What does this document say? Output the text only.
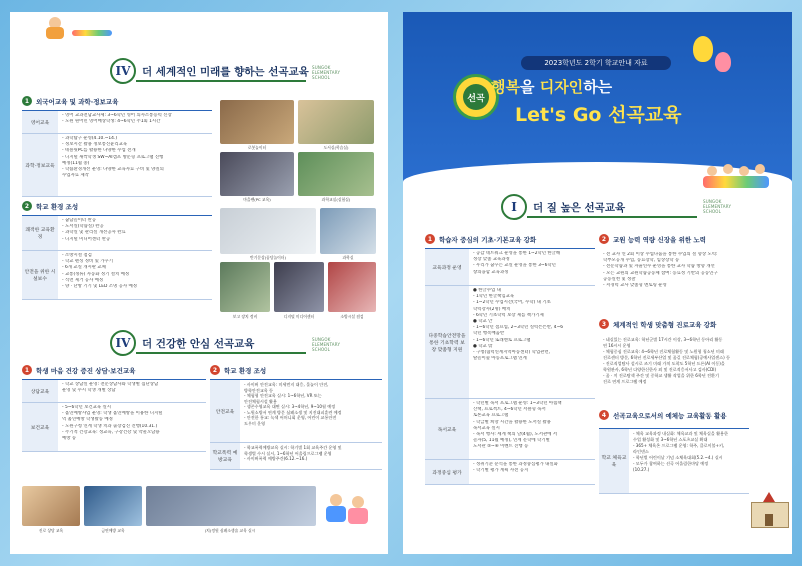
IV	더 세계적인 미래를 향하는 선곡교육 SUNGOK ELEMENTARY SCHOOL
1	외국어교육 및 과학·정보교육
영어교육
- 영어 교과전담교사제: 3~6학년 영어 의사소통능력 신장
- 노원 원어민 영어배상학생: 4~6학년 주1회 1시간
과학·정보교육
- 과학탐구 운영(4.10.~14.)
- 정보시간 활용 정보통신윤리교육
- 테블릿PC를 활용한 다양한 수업 전개
- 디지털 새싹학생 SW~AI캠프 방문형 프로그램 진행
예정(11월 중)
- 학습환경개선 운영: 다양한 교육자료 구비 및 양질의
수업자료 제작
로봇놀이터	도서실(학습실)
마을펜(PC 교육)	과학교실(실험실)
2	학교 환경 조성
쾌적한 교육환경
- 꿈담놀이터 완공
- 도서실(학습실) 완공
- 과학실 및 관리실 개선공사 완료
- 디지털 미디어센터 완공
안전을 위한 시설보수
- 소방시설 점검
- 학교 펜싱 정비 및 가꾸기
- 6개 교실 개시판 교체
- 교통(정류) 자동화 정기 설치 예정
- 석면 제거 공사 예정
- 양 · 난방 기기 및 LED 조명 공사 예정
반기문상(꿈담놀이터)	과학실
보고 장치 정비	디지털 미디어센터	소방시설 점검
IV	더 건강한 안심 선곡교육	SUNGOK ELEMENTARY SCHOOL
1	학생 마음 건강 증진 상담·보건교육
상담교육
- 학교 상담실 운영: 전문상담사와 학생별 집단상담
운영 및 수시 학생 개별 상담
보건교육
- 5~6학년 보건교육 실시
- 흡연예방사업 운영: 학생 흡연예방을 이용한 디지털
역 흡연예방 학생활동 예정
- 노원구청 연계 학생 치과 출장검진 진행(10.31.)
- 주기적 건강교육: 성교육, 구강건강 및 약물오남용
예방 등
2	학교 환경 조성
안전교육
- 사이버 안전교육: 미세먼지 대응, 물놀이 안전,
방학안전교육 등
- 체험형 안전교육 실시: 1~6학년, VR 또는
안전체험시설 활용
- 생존수영교육 대면 실시: 3~4학년, 9~10월 예정
- 노원소방서 연계 방문 심폐소생 및 지진대피훈련 예정
- 안전한 통교: 녹색 어머니회 운영, 어린이 교통안전
도우미 운영
학교폭력 예방교육
- 학교폭력예방교육 실시: 학기별 1회 교육주간 운영 및
학생별 수시 실시, 1~6학년 어울림프로그램 운영
- 사이버폭력 예방주간(6.12.~16.)
진로 상담 교육	금연예방 교육	(치)정원 심폐소생술 교육 실시
2023학년도 2학기 학교안내 자료
선곡
행복을 디자인하는
Let's Go 선곡교육
I	더 질 높은 선곡교육	SUNGOK ELEMENTARY SCHOOL
1	학습자 중심의 기초·기본교육 강화
교육과정 운영
- 공감 네트워크 운영을 통한 1~2학년 한글해
성장 맞춤 교육과정
- 우리가 꿈꾸는 교실 운영을 통한 3~6학년
창의융합 교육과정
다중학습안전망을 통한 기초학력 보장 맞춤형 지원
● 한글수업 내
- 1학년 한글책임교육
- 1~2학년 수업시간(국어, 수학) 내 기초
학력강사(2명) 배치
- 6학년 기초학력 보장 제를 책가기제
● 학교 안
- 1~6학년 점프업, 2~3학년 실력튼튼반, 4~6
학년 행복배움반
- 1~6학년 또래멘토 프로그램
● 학교 밖
- 구청(협력연계지역아동센터) 학업관련,
탈놀이숲 아동프로그램 연계
독서교육
- 학년별 독서 프로그램 운영: 1~3학년 아침책
산책, 프로젝트, 4~6학년 서클형 독서
토론교육 프로그램
- 학급별 희망 시간을 활용한 도서실 활용
독서교육 실시
- 독서 행사: 세계 책의 날(4월), 도서관에 서
놀자(5, 11월 예정), 연계 문학에 학기별
도서관 ⑤~⑥ 이벤트 진행 등
과정중심 평가
- 성취기준 분석을 통한 과정중심평가 내실화
- 학기별 평가 계획 사전 공지
2	교원 능력 역량 신장을 위한 노력
- 전 교사 연 2회 이상 수업나눔을 통한 수업의 질 향상 노력:
학부모공개 수업, 동료장학, 임상장학 등
- 전문학습과 및 자율연수 운영을 통한 교사 학습 방향 개선
- 모든 교원의 교원학습공동체 참여: 동료성 기반의 공동연구
공동실천 및 성찰
- 저경력 교사 맞춤형 멘토링 운영
3	체계적인 학생 맞춤형 진로교육 강화
- 네실있는 진로교육: 학년군별 17시간 이상, 3~6학년 동아리 활동
연 16시시 운영
- 체험중심 진로교육: 4~6학년 진로체험활동 및 노원형 청소년 미래
진로센터 방문, 6학년 진로세부산업 및 꿈길 진로체험(공예사업센스) 등
- 진로직업탐사 설시로 즈기 미래 가치 도착도 5학년 드론(AI 이동)을
학원관사, 6학년 다양한신한사 외 및 진로적응서사고 검사(CDI)
- 꿈 · 끼 진로탐색 주간 및 중학교 생활 작업을 위한 6학년 전환기
진로 연계 프로그램 예정
4	선곡교육으로서의 예체능 교육활동 활용
학교 체육교육
- 체육 교육과정 내실화: 체육교과 및 체육실을 활용한
수업 활성화 및 3~6학년 스포츠교실 확대
- 365+ 체육온 프로그램 운영: 학주, 클로이볼+키,
라인댄스
- 학년별 어린이날 기념 소체육대회(5.2.~4.) 실시
- 모두가 참여하는 선곡 어울림한마당 예정
(10.27.)
